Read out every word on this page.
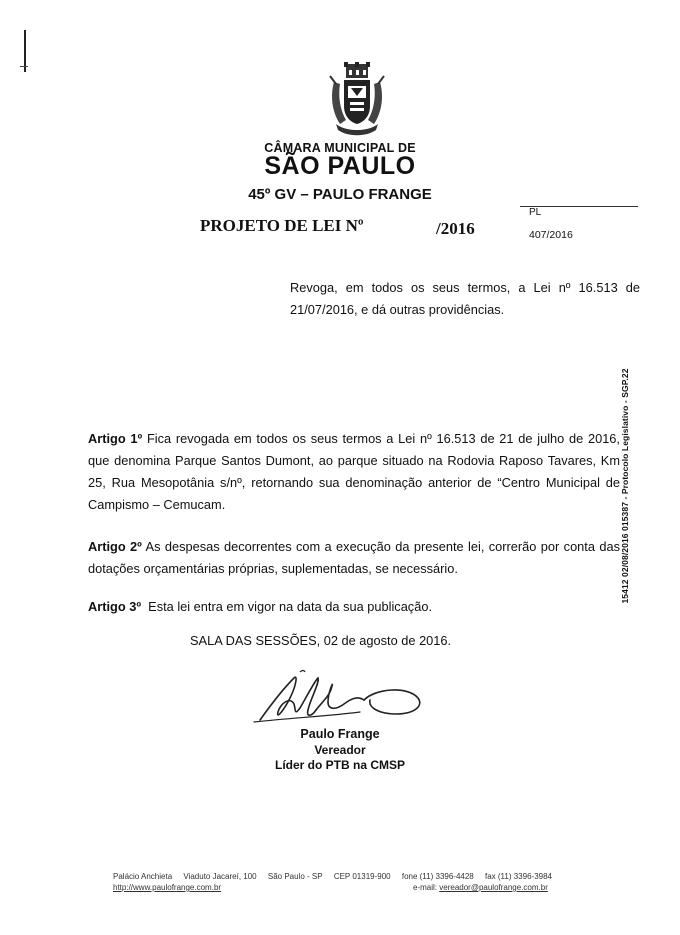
CÂMARA MUNICIPAL DE
SÃO PAULO
45º GV – PAULO FRANGE
PROJETO DE LEI Nº	/2016
PL
407/2016
Revoga, em todos os seus termos, a Lei nº 16.513 de 21/07/2016, e dá outras providências.
Artigo 1º Fica revogada em todos os seus termos a Lei nº 16.513 de 21 de julho de 2016, que denomina Parque Santos Dumont, ao parque situado na Rodovia Raposo Tavares, Km 25, Rua Mesopotânia s/nº, retornando sua denominação anterior de “Centro Municipal de Campismo – Cemucam.
Artigo 2º As despesas decorrentes com a execução da presente lei, correrão por conta das dotações orçamentárias próprias, suplementadas, se necessário.
Artigo 3º Esta lei entra em vigor na data da sua publicação.
15412 02/08/2016 015387 - Protocolo Legislativo - SGP.22
SALA DAS SESSÕES, 02 de agosto de 2016.
Paulo Frange
Vereador
Líder do PTB na CMSP
Palácio Anchieta Viaduto Jacareí, 100 São Paulo - SP CEP 01319-900 fone (11) 3396-4428 fax (11) 3396-3984
http://www.paulofrange.com.br	e-mail: vereador@paulofrange.com.br
